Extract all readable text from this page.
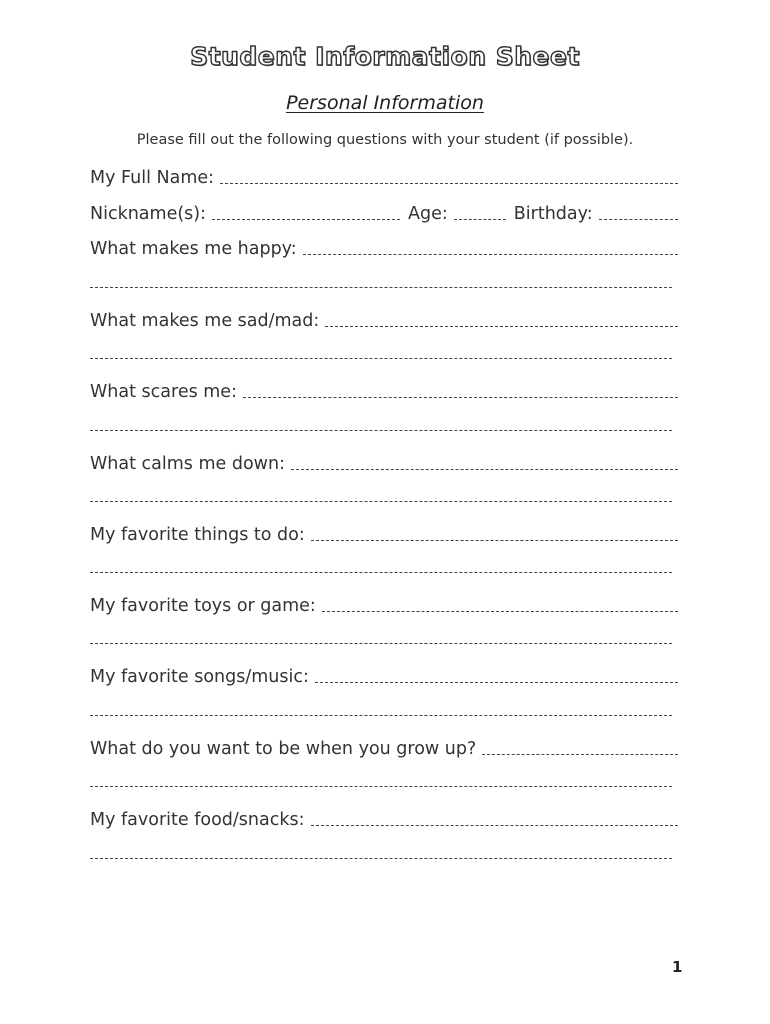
Student Information Sheet
Personal Information
Please fill out the following questions with your student (if possible).
My Full Name:
Nickname(s):	Age:	Birthday:
What makes me happy:
What makes me sad/mad:
What scares me:
What calms me down:
My favorite things to do:
My favorite toys or game:
My favorite songs/music:
What do you want to be when you grow up?
My favorite food/snacks:
1
